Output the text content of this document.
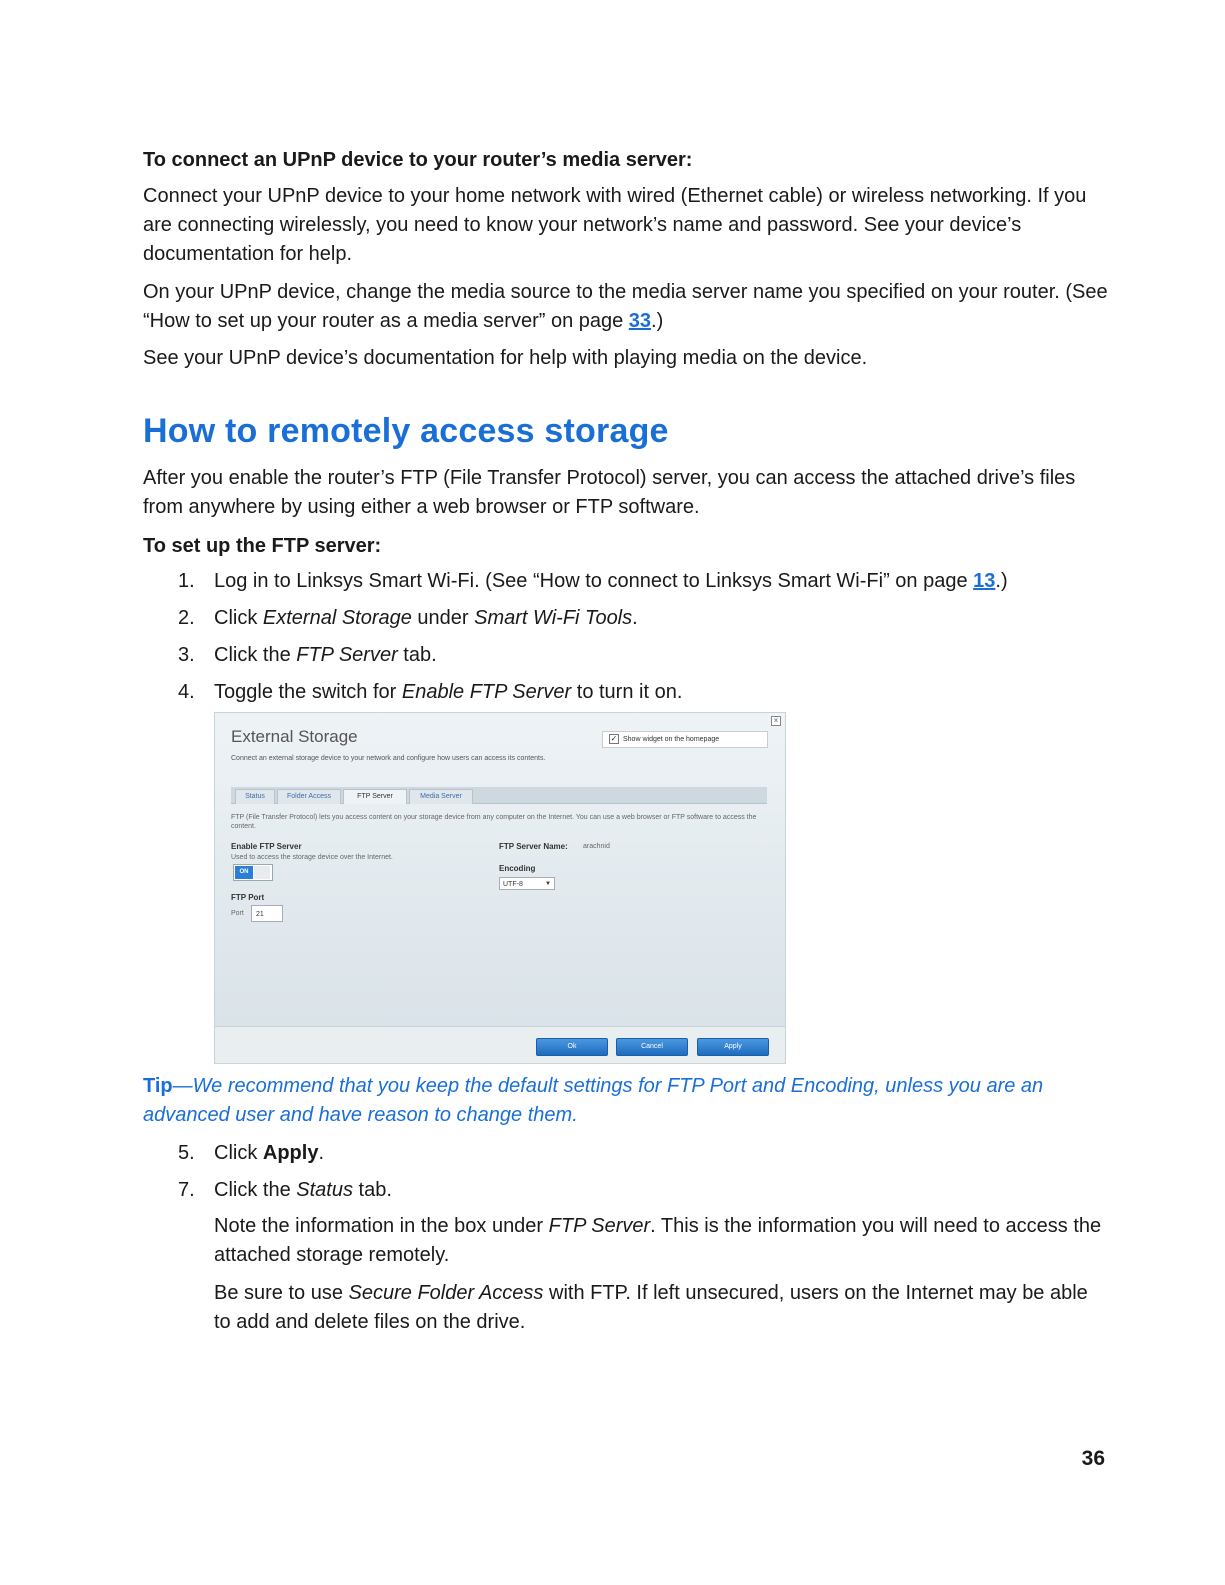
To connect an UPnP device to your router’s media server:

Connect your UPnP device to your home network with wired (Ethernet cable) or wireless networking. If you are connecting wirelessly, you need to know your network’s name and password. See your device’s documentation for help.

On your UPnP device, change the media source to the media server name you specified on your router. (See “How to set up your router as a media server” on page 33.)

See your UPnP device’s documentation for help with playing media on the device.

How to remotely access storage

After you enable the router’s FTP (File Transfer Protocol) server, you can access the attached drive’s files from anywhere by using either a web browser or FTP software.

To set up the FTP server:

1. Log in to Linksys Smart Wi-Fi. (See “How to connect to Linksys Smart Wi-Fi” on page 13.)

2. Click External Storage under Smart Wi-Fi Tools.

3. Click the FTP Server tab.

4. Toggle the switch for Enable FTP Server to turn it on.

×
External Storage
Connect an external storage device to your network and configure how users can access its contents.
✓ Show widget on the homepage
Status	Folder Access	FTP Server	Media Server
FTP (File Transfer Protocol) lets you access content on your storage device from any computer on the Internet. You can use a web browser or FTP software to access the content.
Enable FTP Server
Used to access the storage device over the Internet.
ON
FTP Port
Port	21
FTP Server Name: arachnid
Encoding
UTF-8	▼
Ok	Cancel	Apply

Tip—We recommend that you keep the default settings for FTP Port and Encoding, unless you are an advanced user and have reason to change them.

5. Click Apply.

7. Click the Status tab.

Note the information in the box under FTP Server. This is the information you will need to access the attached storage remotely.

Be sure to use Secure Folder Access with FTP. If left unsecured, users on the Internet may be able to add and delete files on the drive.

36
